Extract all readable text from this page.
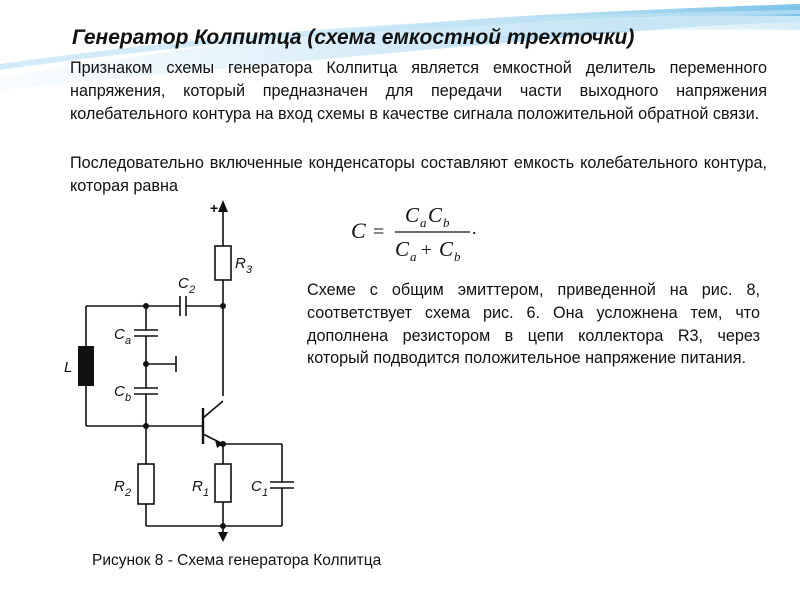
Генератор Колпитца (схема емкостной трехточки)
Признаком схемы генератора Колпитца является емкостной делитель переменного напряжения, который предназначен для передачи части выходного напряжения колебательного контура на вход схемы в качестве сигнала положительной обратной связи.
Последовательно включенные конденсаторы составляют емкость колебательного контура, которая равна
C =
C a C b
C a + C b
.
Схеме с общим эмиттером, приведенной на рис. 8, соответствует схема рис. 6. Она усложнена тем, что дополнена резистором в цепи коллектора R3, через который подводится положительное напряжение питания.
+
R 3
C 2
C a
C b
L
R 2	R 1	C 1
Рисунок 8 - Схема генератора Колпитца
